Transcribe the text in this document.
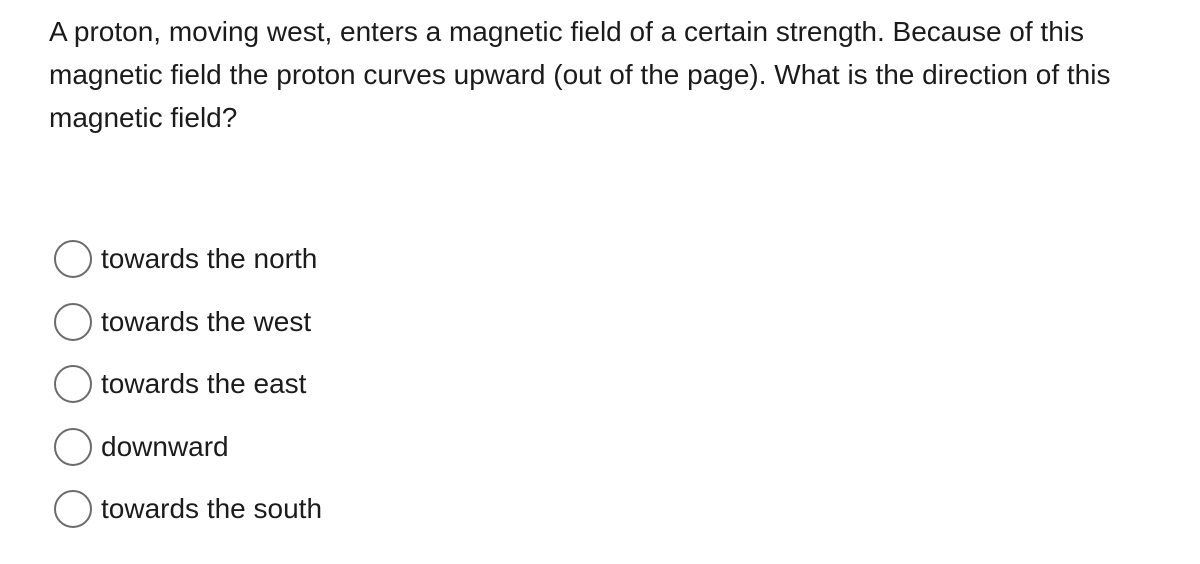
A proton, moving west, enters a magnetic field of a certain strength. Because of this magnetic field the proton curves upward (out of the page). What is the direction of this magnetic field?

towards the north
towards the west
towards the east
downward
towards the south
